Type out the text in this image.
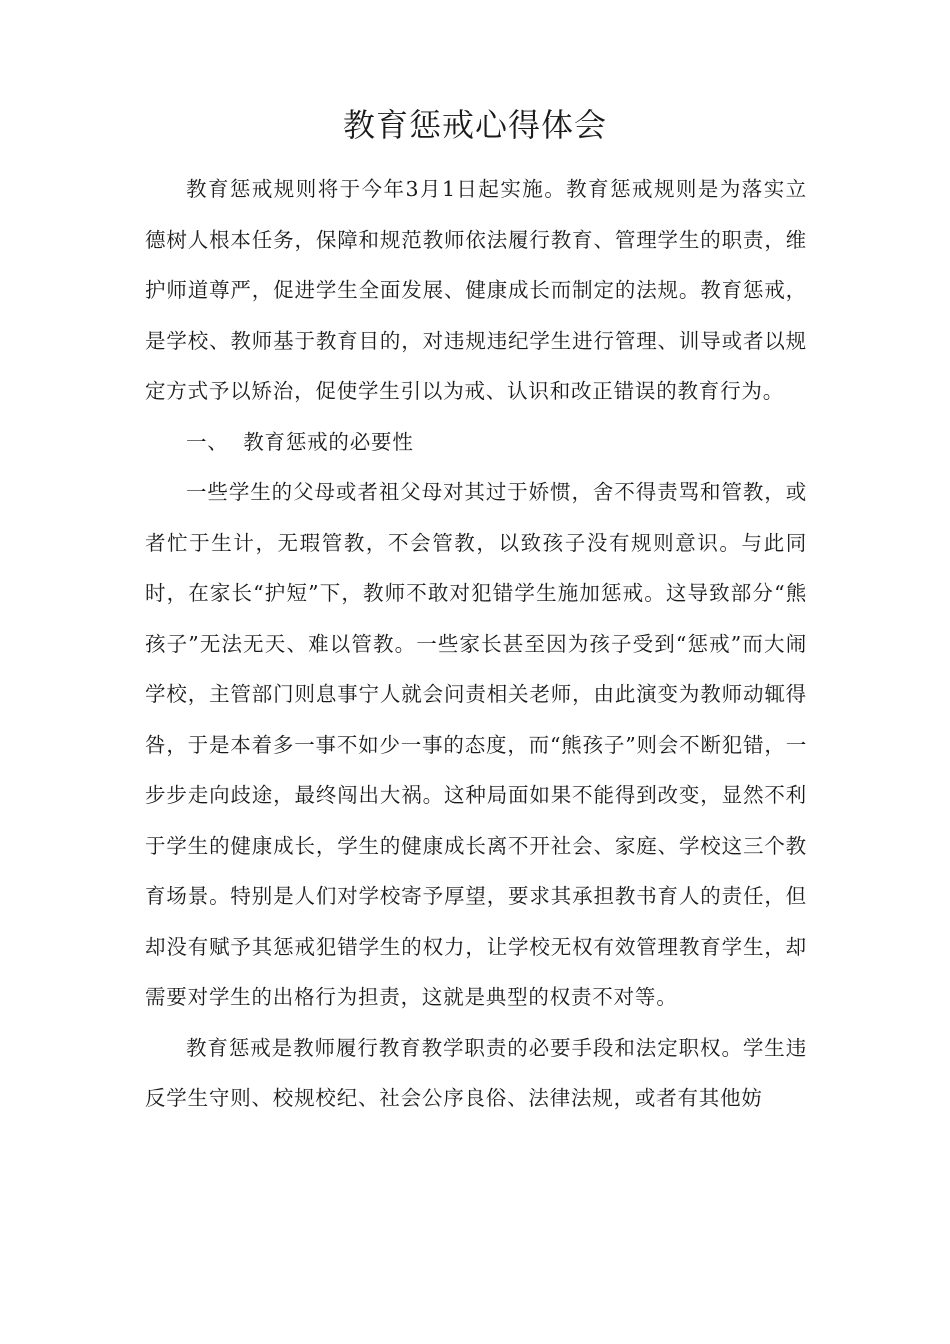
教育惩戒心得体会

教育惩戒规则将于今年3月1日起实施。教育惩戒规则是为落实立德树人根本任务，保障和规范教师依法履行教育、管理学生的职责，维护师道尊严，促进学生全面发展、健康成长而制定的法规。教育惩戒，是学校、教师基于教育目的，对违规违纪学生进行管理、训导或者以规定方式予以矫治，促使学生引以为戒、认识和改正错误的教育行为。

一、  教育惩戒的必要性

一些学生的父母或者祖父母对其过于娇惯，舍不得责骂和管教，或者忙于生计，无瑕管教，不会管教，以致孩子没有规则意识。与此同时，在家长“护短”下，教师不敢对犯错学生施加惩戒。这导致部分“熊孩子”无法无天、难以管教。一些家长甚至因为孩子受到“惩戒”而大闹学校，主管部门则息事宁人就会问责相关老师，由此演变为教师动辄得咎，于是本着多一事不如少一事的态度，而“熊孩子”则会不断犯错，一步步走向歧途，最终闯出大祸。这种局面如果不能得到改变，显然不利于学生的健康成长，学生的健康成长离不开社会、家庭、学校这三个教育场景。特别是人们对学校寄予厚望，要求其承担教书育人的责任，但却没有赋予其惩戒犯错学生的权力，让学校无权有效管理教育学生，却需要对学生的出格行为担责，这就是典型的权责不对等。

教育惩戒是教师履行教育教学职责的必要手段和法定职权。学生违反学生守则、校规校纪、社会公序良俗、法律法规，或者有其他妨
